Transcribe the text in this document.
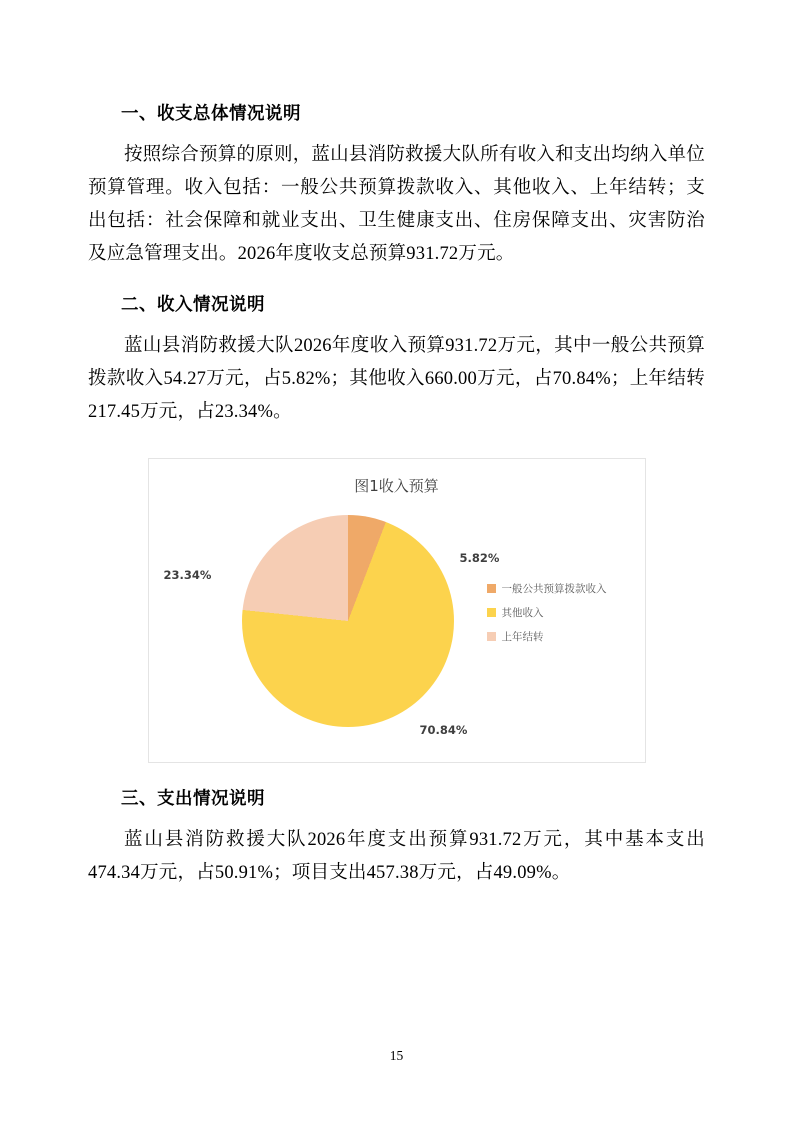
一、收支总体情况说明

按照综合预算的原则，蓝山县消防救援大队所有收入和支出均纳入单位预算管理。收入包括：一般公共预算拨款收入、其他收入、上年结转；支出包括：社会保障和就业支出、卫生健康支出、住房保障支出、灾害防治及应急管理支出。2026年度收支总预算931.72万元。

二、收入情况说明

蓝山县消防救援大队2026年度收入预算931.72万元，其中一般公共预算拨款收入54.27万元，占5.82%；其他收入660.00万元，占70.84%；上年结转217.45万元，占23.34%。

图1收入预算
5.82%
70.84%
23.34%
一般公共预算拨款收入
其他收入
上年结转
三、支出情况说明

蓝山县消防救援大队2026年度支出预算931.72万元，其中基本支出474.34万元，占50.91%；项目支出457.38万元，占49.09%。

15
